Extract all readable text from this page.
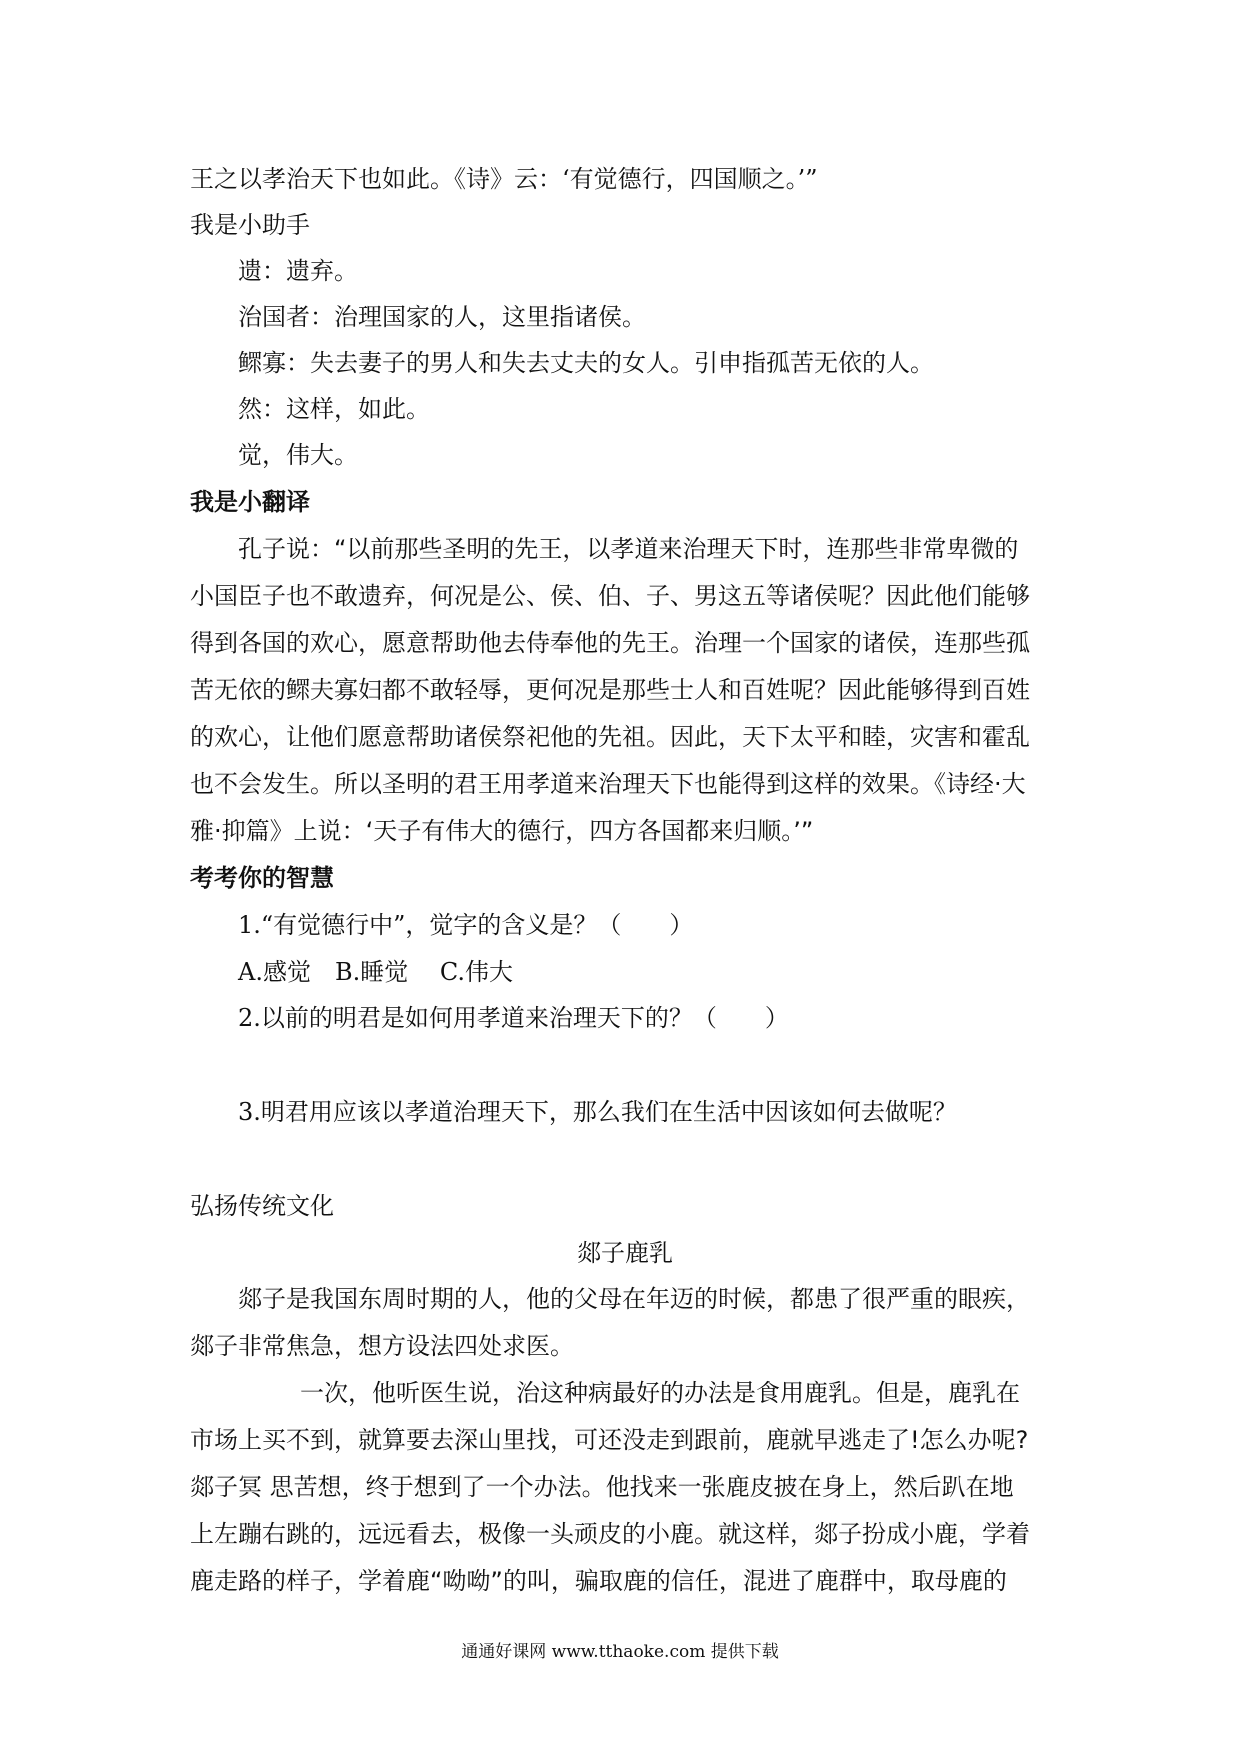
王之以孝治天下也如此。《诗》云：‘有觉德行，四国顺之。’”
我是小助手
遗：遗弃。
治国者：治理国家的人，这里指诸侯。
鳏寡：失去妻子的男人和失去丈夫的女人。引申指孤苦无依的人。
然：这样，如此。
觉，伟大。
我是小翻译
孔子说：“以前那些圣明的先王，以孝道来治理天下时，连那些非常卑微的
小国臣子也不敢遗弃，何况是公、侯、伯、子、男这五等诸侯呢？因此他们能够
得到各国的欢心，愿意帮助他去侍奉他的先王。治理一个国家的诸侯，连那些孤
苦无依的鳏夫寡妇都不敢轻辱，更何况是那些士人和百姓呢？因此能够得到百姓
的欢心，让他们愿意帮助诸侯祭祀他的先祖。因此，天下太平和睦，灾害和霍乱
也不会发生。所以圣明的君王用孝道来治理天下也能得到这样的效果。《诗经·大
雅·抑篇》上说：‘天子有伟大的德行，四方各国都来归顺。’”
考考你的智慧
1.“有觉德行中”，觉字的含义是？（　　）
A.感觉　B.睡觉　 C.伟大
2.以前的明君是如何用孝道来治理天下的？（　　）
3.明君用应该以孝道治理天下，那么我们在生活中因该如何去做呢？
弘扬传统文化
郯子鹿乳
郯子是我国东周时期的人，他的父母在年迈的时候，都患了很严重的眼疾，
郯子非常焦急，想方设法四处求医。
一次，他听医生说，治这种病最好的办法是食用鹿乳。但是，鹿乳在
市场上买不到，就算要去深山里找，可还没走到跟前，鹿就早逃走了!怎么办呢?
郯子冥 思苦想，终于想到了一个办法。他找来一张鹿皮披在身上，然后趴在地
上左蹦右跳的，远远看去，极像一头顽皮的小鹿。就这样，郯子扮成小鹿，学着
鹿走路的样子，学着鹿“呦呦”的叫，骗取鹿的信任，混进了鹿群中，取母鹿的
通通好课网 www.tthaoke.com 提供下载
